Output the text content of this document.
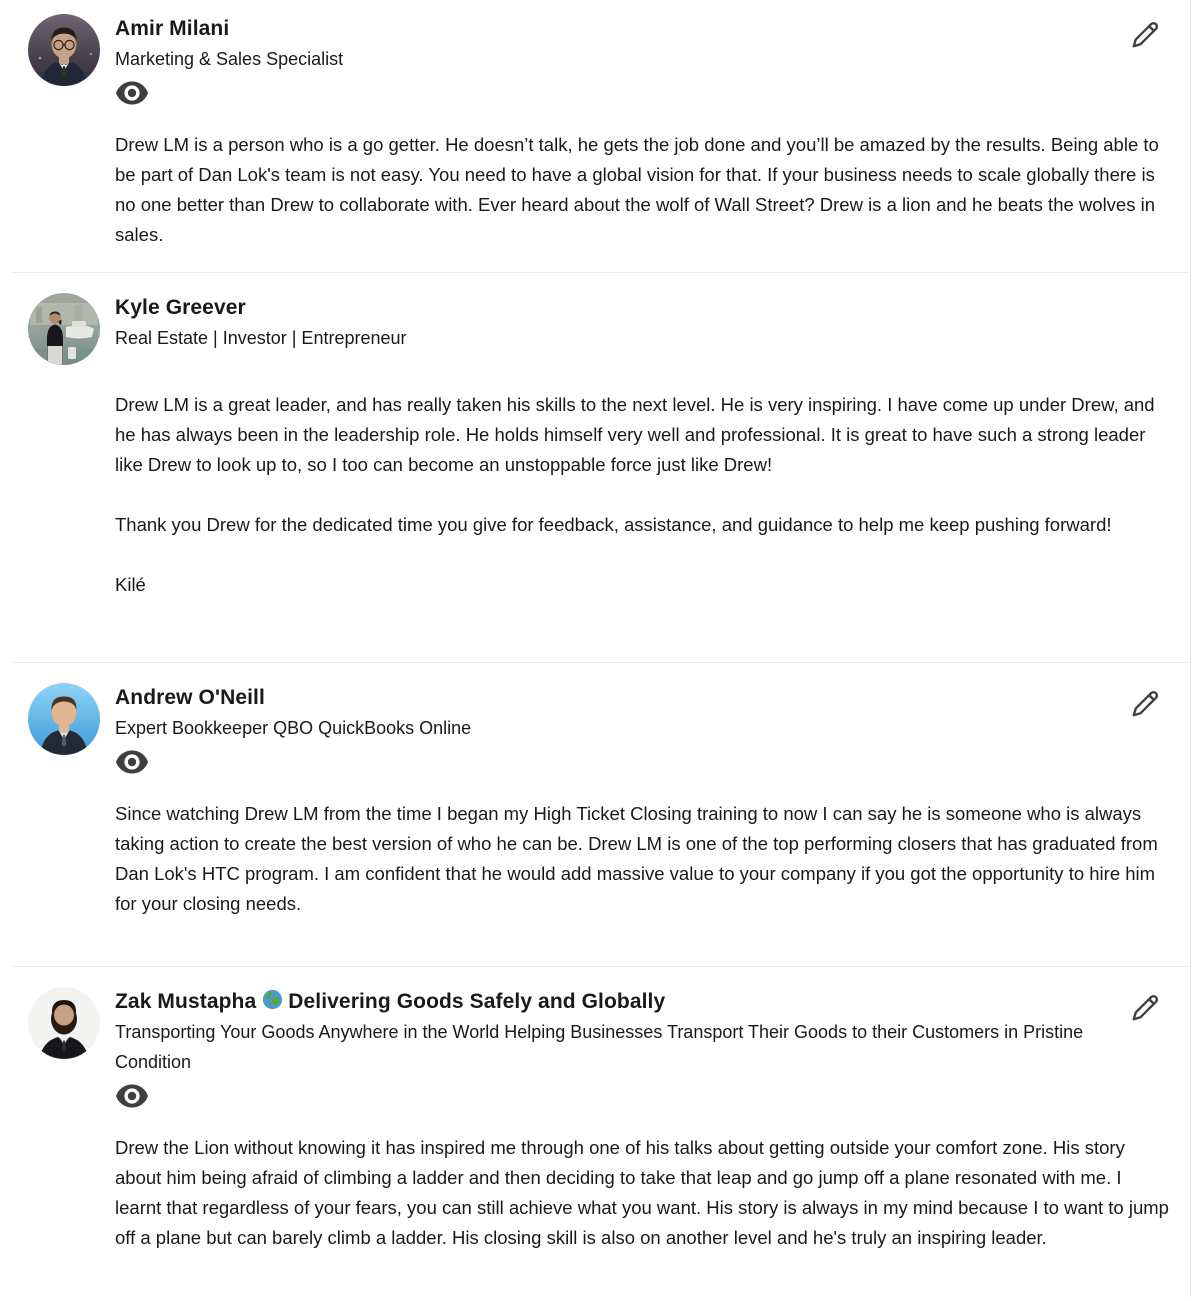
Amir Milani
Marketing & Sales Specialist

Drew LM is a person who is a go getter. He doesn’t talk, he gets the job done and you’ll be amazed by the results. Being able to be part of Dan Lok's team is not easy. You need to have a global vision for that. If your business needs to scale globally there is no one better than Drew to collaborate with. Ever heard about the wolf of Wall Street? Drew is a lion and he beats the wolves in sales.

Kyle Greever
Real Estate | Investor | Entrepreneur

Drew LM is a great leader, and has really taken his skills to the next level. He is very inspiring. I have come up under Drew, and he has always been in the leadership role. He holds himself very well and professional. It is great to have such a strong leader like Drew to look up to, so I too can become an unstoppable force just like Drew!

Thank you Drew for the dedicated time you give for feedback, assistance, and guidance to help me keep pushing forward!

Kilé

Andrew O'Neill
Expert Bookkeeper QBO QuickBooks Online

Since watching Drew LM from the time I began my High Ticket Closing training to now I can say he is someone who is always taking action to create the best version of who he can be. Drew LM is one of the top performing closers that has graduated from Dan Lok's HTC program. I am confident that he would add massive value to your company if you got the opportunity to hire him for your closing needs.

Zak Mustapha Delivering Goods Safely and Globally
Transporting Your Goods Anywhere in the World Helping Businesses Transport Their Goods to their Customers in Pristine Condition

Drew the Lion without knowing it has inspired me through one of his talks about getting outside your comfort zone. His story about him being afraid of climbing a ladder and then deciding to take that leap and go jump off a plane resonated with me. I learnt that regardless of your fears, you can still achieve what you want. His story is always in my mind because I to want to jump off a plane but can barely climb a ladder. His closing skill is also on another level and he's truly an inspiring leader.
